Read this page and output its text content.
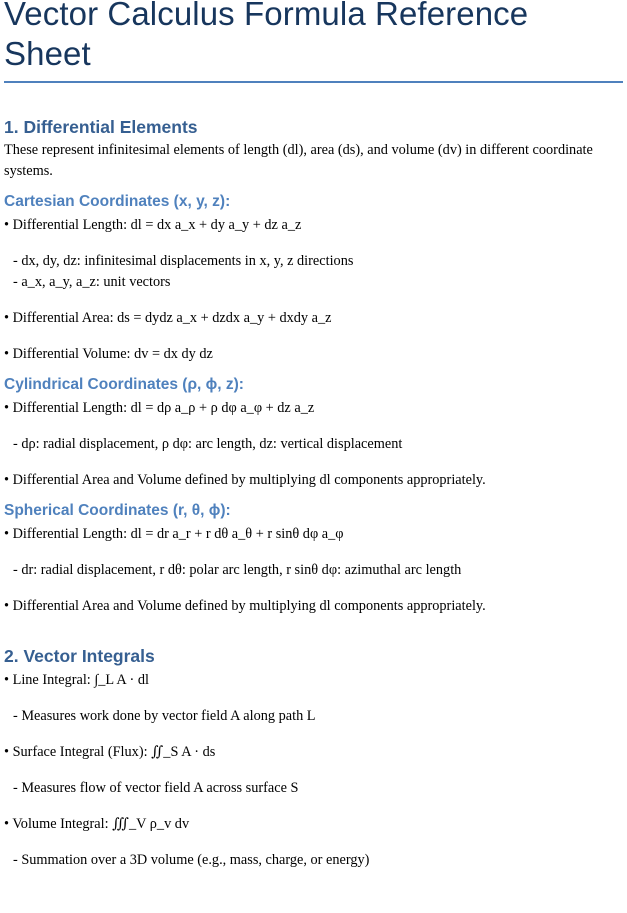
Vector Calculus Formula Reference Sheet
1. Differential Elements

These represent infinitesimal elements of length (dl), area (ds), and volume (dv) in different coordinate systems.

Cartesian Coordinates (x, y, z):

• Differential Length: dl = dx a_x + dy a_y + dz a_z

- dx, dy, dz: infinitesimal displacements in x, y, z directions

- a_x, a_y, a_z: unit vectors

• Differential Area: ds = dydz a_x + dzdx a_y + dxdy a_z

• Differential Volume: dv = dx dy dz

Cylindrical Coordinates (ρ, ϕ, z):

• Differential Length: dl = dρ a_ρ + ρ dφ a_φ + dz a_z

- dρ: radial displacement, ρ dφ: arc length, dz: vertical displacement

• Differential Area and Volume defined by multiplying dl components appropriately.

Spherical Coordinates (r, θ, ϕ):

• Differential Length: dl = dr a_r + r dθ a_θ + r sinθ dφ a_φ

- dr: radial displacement, r dθ: polar arc length, r sinθ dφ: azimuthal arc length

• Differential Area and Volume defined by multiplying dl components appropriately.

2. Vector Integrals

• Line Integral: ∫_L A · dl

- Measures work done by vector field A along path L

• Surface Integral (Flux): ∬_S A · ds

- Measures flow of vector field A across surface S

• Volume Integral: ∭_V ρ_v dv

- Summation over a 3D volume (e.g., mass, charge, or energy)
